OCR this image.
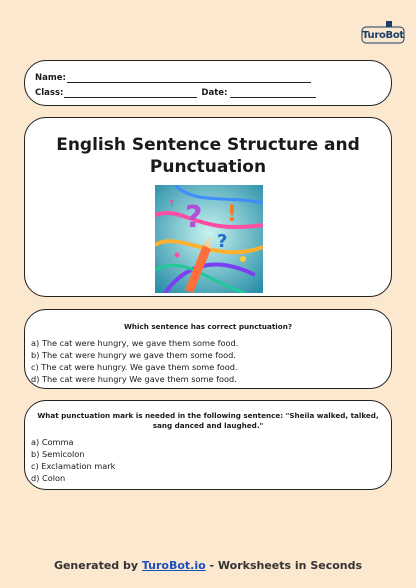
TuroBot
Name:
Class:	Date:
English Sentence Structure and
Punctuation
? !
?
?
Which sentence has correct punctuation?
a) The cat were hungry, we gave them some food.
b) The cat were hungry we gave them some food.
c) The cat were hungry. We gave them some food.
d) The cat were hungry We gave them some food.
What punctuation mark is needed in the following sentence: "Sheila walked, talked,
sang danced and laughed."
a) Comma
b) Semicolon
c) Exclamation mark
d) Colon
Generated by TuroBot.io - Worksheets in Seconds
